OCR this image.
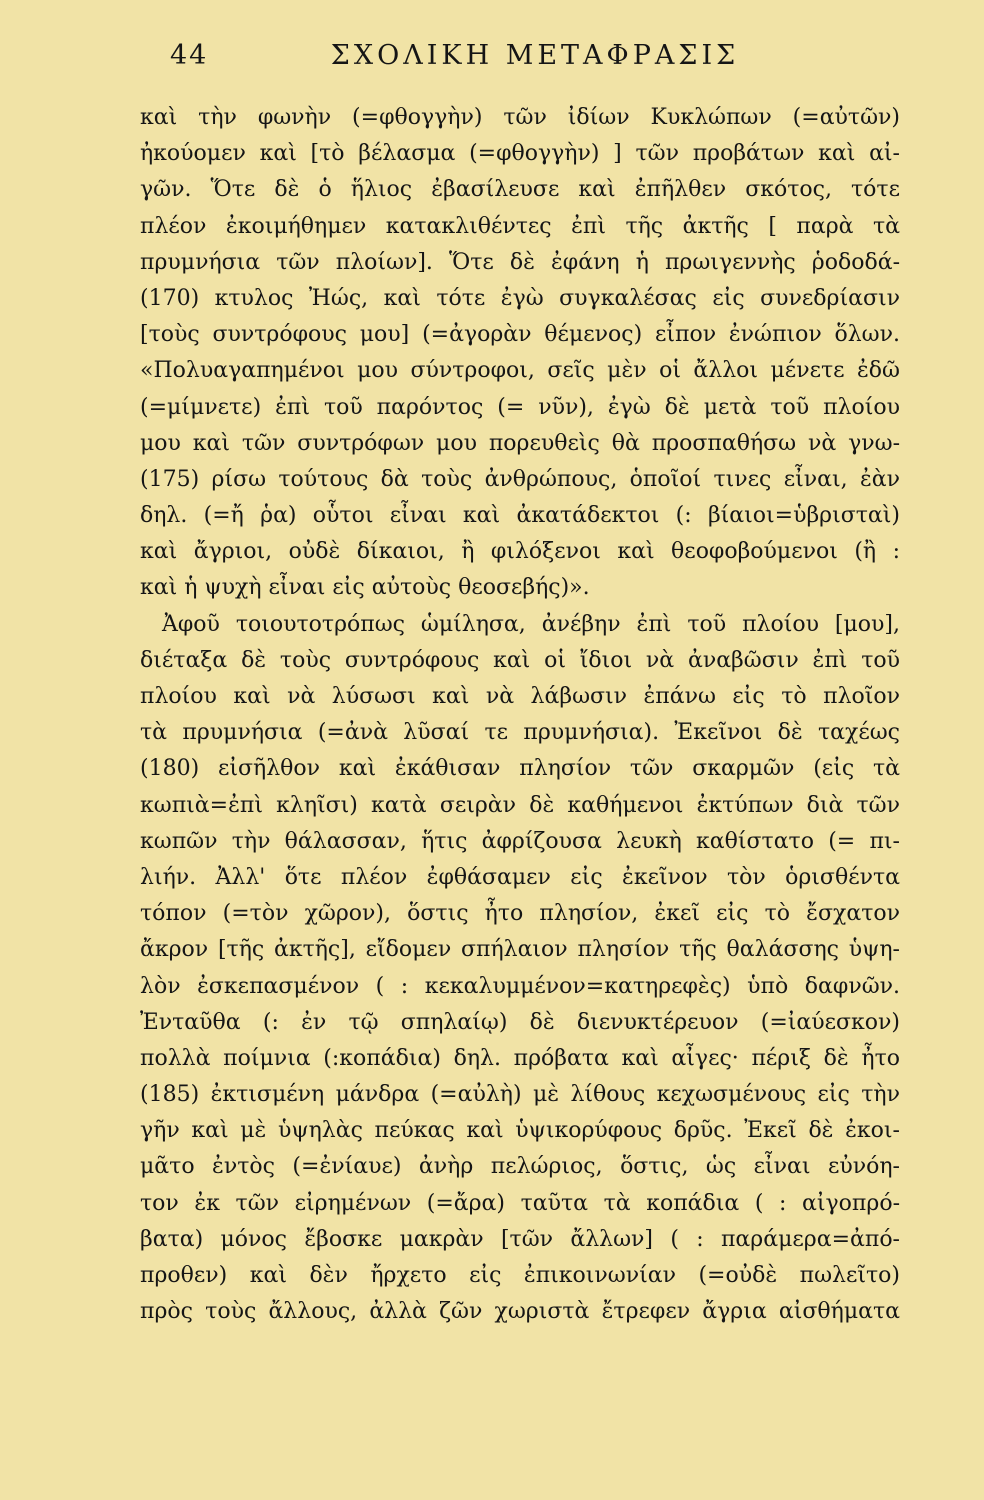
44	ΣΧΟΛΙΚΗ ΜΕΤΑΦΡΑΣΙΣ
καὶ τὴν φωνὴν (=φθογγὴν) τῶν ἰδίων Κυκλώπων (=αὐτῶν)
ἠκούομεν καὶ [τὸ βέλασμα (=φθογγὴν) ] τῶν προβάτων καὶ αἰ-
γῶν. Ὅτε δὲ ὁ ἥλιος ἐβασίλευσε καὶ ἐπῆλθεν σκότος, τότε
πλέον ἐκοιμήθημεν κατακλιθέντες ἐπὶ τῆς ἀκτῆς [ παρὰ τὰ
πρυμνήσια τῶν πλοίων]. Ὅτε δὲ ἐφάνη ἡ πρωιγεννὴς ῥοδοδά-
(170) κτυλος Ἠώς, καὶ τότε ἐγὼ συγκαλέσας εἰς συνεδρίασιν
[τοὺς συντρόφους μου] (=ἀγορὰν θέμενος) εἶπον ἐνώπιον ὅλων.
«Πολυαγαπημένοι μου σύντροφοι, σεῖς μὲν οἱ ἄλλοι μένετε ἐδῶ
(=μίμνετε) ἐπὶ τοῦ παρόντος (= νῦν), ἐγὼ δὲ μετὰ τοῦ πλοίου
μου καὶ τῶν συντρόφων μου πορευθεὶς θὰ προσπαθήσω νὰ γνω-
(175) ρίσω τούτους δὰ τοὺς ἀνθρώπους, ὁποῖοί τινες εἶναι, ἐὰν
δηλ. (=ἤ ῥα) οὗτοι εἶναι καὶ ἀκατάδεκτοι (: βίαιοι=ὑβρισταὶ)
καὶ ἄγριοι, οὐδὲ δίκαιοι, ἢ φιλόξενοι καὶ θεοφοβούμενοι (ἢ :
καὶ ἡ ψυχὴ εἶναι εἰς αὐτοὺς θεοσεβής)».
Ἀφοῦ τοιουτοτρόπως ὡμίλησα, ἀνέβην ἐπὶ τοῦ πλοίου [μου],
διέταξα δὲ τοὺς συντρόφους καὶ οἱ ἴδιοι νὰ ἀναβῶσιν ἐπὶ τοῦ
πλοίου καὶ νὰ λύσωσι καὶ νὰ λάβωσιν ἐπάνω εἰς τὸ πλοῖον
τὰ πρυμνήσια (=ἀνὰ λῦσαί τε πρυμνήσια). Ἐκεῖνοι δὲ ταχέως
(180) εἰσῆλθον καὶ ἐκάθισαν πλησίον τῶν σκαρμῶν (εἰς τὰ
κωπιὰ=ἐπὶ κληῖσι) κατὰ σειρὰν δὲ καθήμενοι ἐκτύπων διὰ τῶν
κωπῶν τὴν θάλασσαν, ἥτις ἀφρίζουσα λευκὴ καθίστατο (= πι-
λιήν. Ἀλλ' ὅτε πλέον ἐφθάσαμεν εἰς ἐκεῖνον τὸν ὁρισθέντα
τόπον (=τὸν χῶρον), ὅστις ἦτο πλησίον, ἐκεῖ εἰς τὸ ἔσχατον
ἄκρον [τῆς ἀκτῆς], εἴδομεν σπήλαιον πλησίον τῆς θαλάσσης ὑψη-
λὸν ἐσκεπασμένον ( : κεκαλυμμένον=κατηρεφὲς) ὑπὸ δαφνῶν.
Ἐνταῦθα (: ἐν τῷ σπηλαίῳ) δὲ διενυκτέρευον (=ἰαύεσκον)
πολλὰ ποίμνια (:κοπάδια) δηλ. πρόβατα καὶ αἶγες· πέριξ δὲ ἦτο
(185) ἐκτισμένη μάνδρα (=αὐλὴ) μὲ λίθους κεχωσμένους εἰς τὴν
γῆν καὶ μὲ ὑψηλὰς πεύκας καὶ ὑψικορύφους δρῦς. Ἐκεῖ δὲ ἐκοι-
μᾶτο ἐντὸς (=ἐνίαυε) ἀνὴρ πελώριος, ὅστις, ὡς εἶναι εὐνόη-
τον ἐκ τῶν εἰρημένων (=ἄρα) ταῦτα τὰ κοπάδια ( : αἰγοπρό-
βατα) μόνος ἔβοσκε μακρὰν [τῶν ἄλλων] ( : παράμερα=ἀπό-
προθεν) καὶ δὲν ἤρχετο εἰς ἐπικοινωνίαν (=οὐδὲ πωλεῖτο)
πρὸς τοὺς ἄλλους, ἀλλὰ ζῶν χωριστὰ ἔτρεφεν ἄγρια αἰσθήματα
